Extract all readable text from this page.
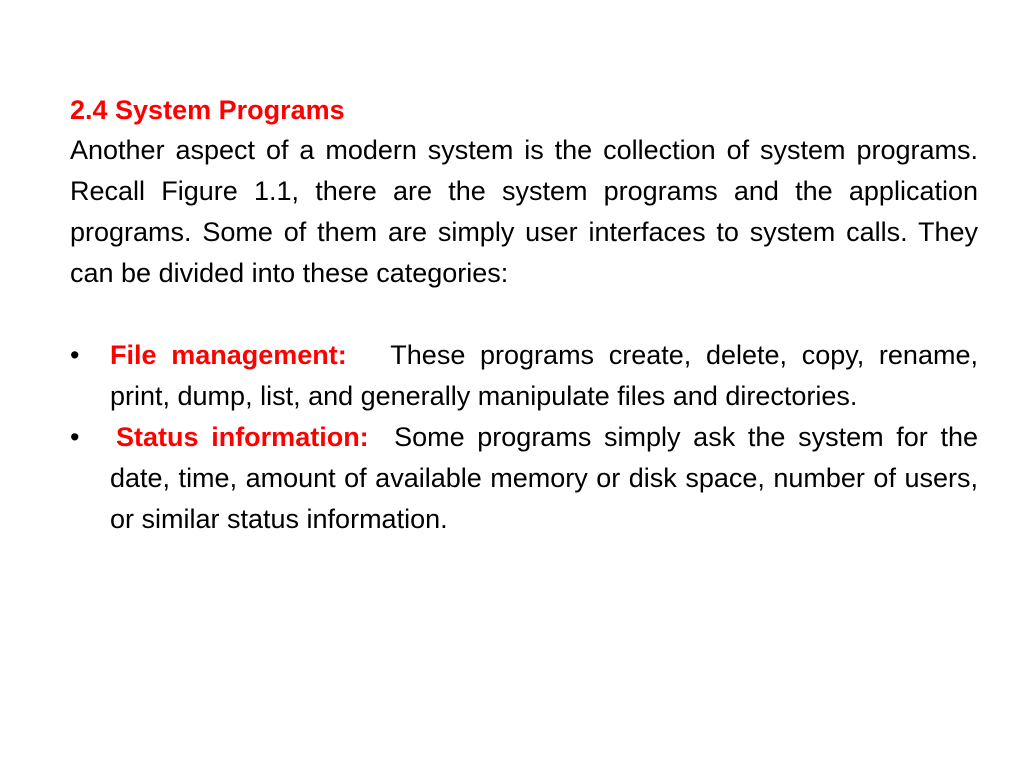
2.4 System Programs

Another aspect of a modern system is the collection of system programs. Recall Figure 1.1, there are the system programs and the application programs. Some of them are simply user interfaces to system calls. They can be divided into these categories:

•	File management: These programs create, delete, copy, rename, print, dump, list, and generally manipulate files and directories.
•	Status information: Some programs simply ask the system for the date, time, amount of available memory or disk space, number of users, or similar status information.
